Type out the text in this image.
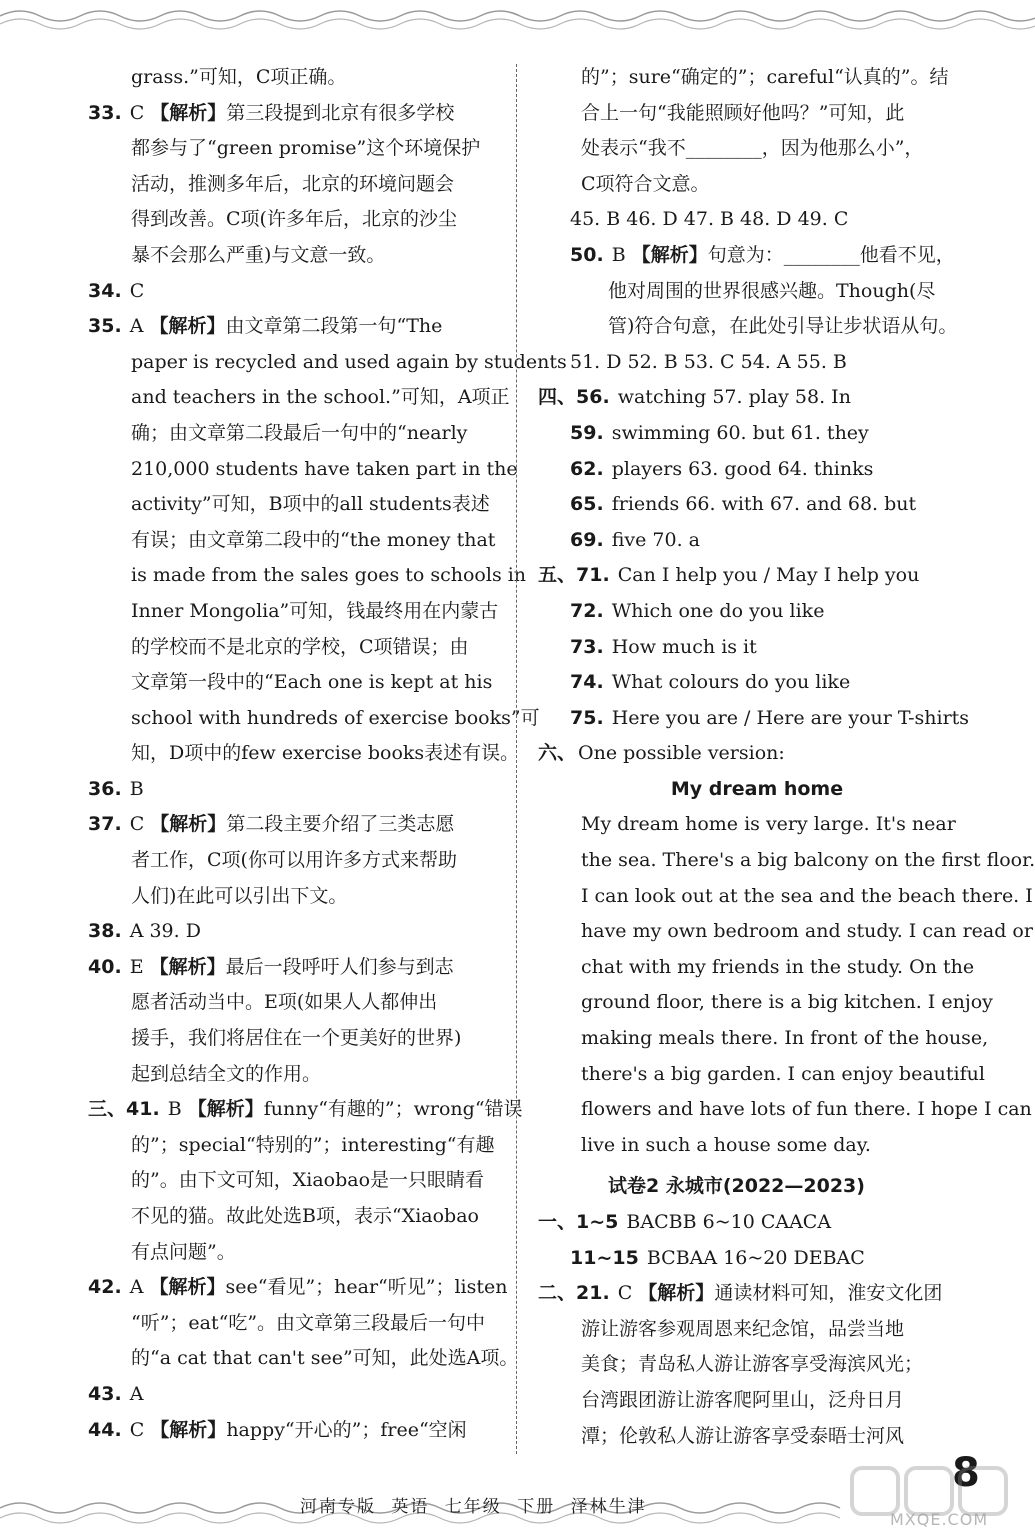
grass.”可知，C项正确。
33. C 【解析】第三段提到北京有很多学校
都参与了“green promise”这个环境保护
活动，推测多年后，北京的环境问题会
得到改善。C项(许多年后，北京的沙尘
暴不会那么严重)与文意一致。
34. C
35. A 【解析】由文章第二段第一句“The
paper is recycled and used again by students
and teachers in the school.”可知，A项正
确；由文章第二段最后一句中的“nearly
210,000 students have taken part in the
activity”可知，B项中的all students表述
有误；由文章第二段中的“the money that
is made from the sales goes to schools in
Inner Mongolia”可知，钱最终用在内蒙古
的学校而不是北京的学校，C项错误；由
文章第一段中的“Each one is kept at his
school with hundreds of exercise books”可
知，D项中的few exercise books表述有误。
36. B
37. C 【解析】第二段主要介绍了三类志愿
者工作，C项(你可以用许多方式来帮助
人们)在此可以引出下文。
38. A 39. D
40. E 【解析】最后一段呼吁人们参与到志
愿者活动当中。E项(如果人人都伸出
援手，我们将居住在一个更美好的世界)
起到总结全文的作用。
三、41. B 【解析】funny“有趣的”；wrong“错误
的”；special“特别的”；interesting“有趣
的”。由下文可知，Xiaobao是一只眼睛看
不见的猫。故此处选B项，表示“Xiaobao
有点问题”。
42. A 【解析】see“看见”；hear“听见”；listen
“听”；eat“吃”。由文章第三段最后一句中
的“a cat that can't see”可知，此处选A项。
43. A
44. C 【解析】happy“开心的”；free“空闲
的”；sure“确定的”；careful“认真的”。结
合上一句“我能照顾好他吗？”可知，此
处表示“我不________，因为他那么小”，
C项符合文意。
45. B 46. D 47. B 48. D 49. C
50. B 【解析】句意为：________他看不见，
他对周围的世界很感兴趣。Though(尽
管)符合句意，在此处引导让步状语从句。
51. D 52. B 53. C 54. A 55. B
四、56. watching 57. play 58. In
59. swimming 60. but 61. they
62. players 63. good 64. thinks
65. friends 66. with 67. and 68. but
69. five 70. a
五、71. Can I help you / May I help you
72. Which one do you like
73. How much is it
74. What colours do you like
75. Here you are / Here are your T-shirts
六、 One possible version:
My dream home
My dream home is very large. It's near
the sea. There's a big balcony on the first floor.
I can look out at the sea and the beach there. I
have my own bedroom and study. I can read or
chat with my friends in the study. On the
ground floor, there is a big kitchen. I enjoy
making meals there. In front of the house,
there's a big garden. I can enjoy beautiful
flowers and have lots of fun there. I hope I can
live in such a house some day.
试卷2 永城市(2022—2023)
一、1~5 BACBB 6~10 CAACA
11~15 BCBAA 16~20 DEBAC
二、21. C 【解析】通读材料可知，淮安文化团
游让游客参观周恩来纪念馆，品尝当地
美食；青岛私人游让游客享受海滨风光；
台湾跟团游让游客爬阿里山，泛舟日月
潭；伦敦私人游让游客享受泰晤士河风
河南专版 英语 七年级 下册 泽林牛津
8
MXQE.COM
